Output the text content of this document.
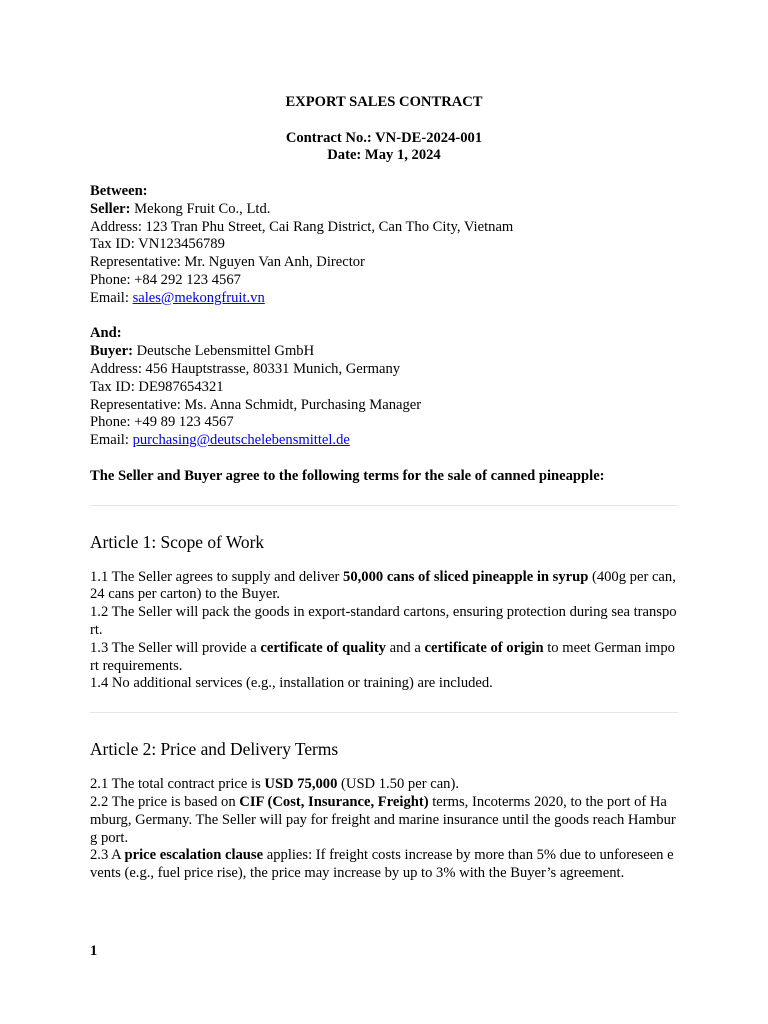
EXPORT SALES CONTRACT
Contract No.: VN-DE-2024-001
Date: May 1, 2024
Between:
Seller: Mekong Fruit Co., Ltd.
Address: 123 Tran Phu Street, Cai Rang District, Can Tho City, Vietnam
Tax ID: VN123456789
Representative: Mr. Nguyen Van Anh, Director
Phone: +84 292 123 4567
Email: sales@mekongfruit.vn
And:
Buyer: Deutsche Lebensmittel GmbH
Address: 456 Hauptstrasse, 80331 Munich, Germany
Tax ID: DE987654321
Representative: Ms. Anna Schmidt, Purchasing Manager
Phone: +49 89 123 4567
Email: purchasing@deutschelebensmittel.de
The Seller and Buyer agree to the following terms for the sale of canned pineapple:
Article 1: Scope of Work
1.1 The Seller agrees to supply and deliver 50,000 cans of sliced pineapple in syrup (400g per can, 24 cans per carton) to the Buyer.
1.2 The Seller will pack the goods in export-standard cartons, ensuring protection during sea transport.
1.3 The Seller will provide a certificate of quality and a certificate of origin to meet German import requirements.
1.4 No additional services (e.g., installation or training) are included.
Article 2: Price and Delivery Terms
2.1 The total contract price is USD 75,000 (USD 1.50 per can).
2.2 The price is based on CIF (Cost, Insurance, Freight) terms, Incoterms 2020, to the port of Hamburg, Germany. The Seller will pay for freight and marine insurance until the goods reach Hamburg port.
2.3 A price escalation clause applies: If freight costs increase by more than 5% due to unforeseen events (e.g., fuel price rise), the price may increase by up to 3% with the Buyer’s agreement.
1
